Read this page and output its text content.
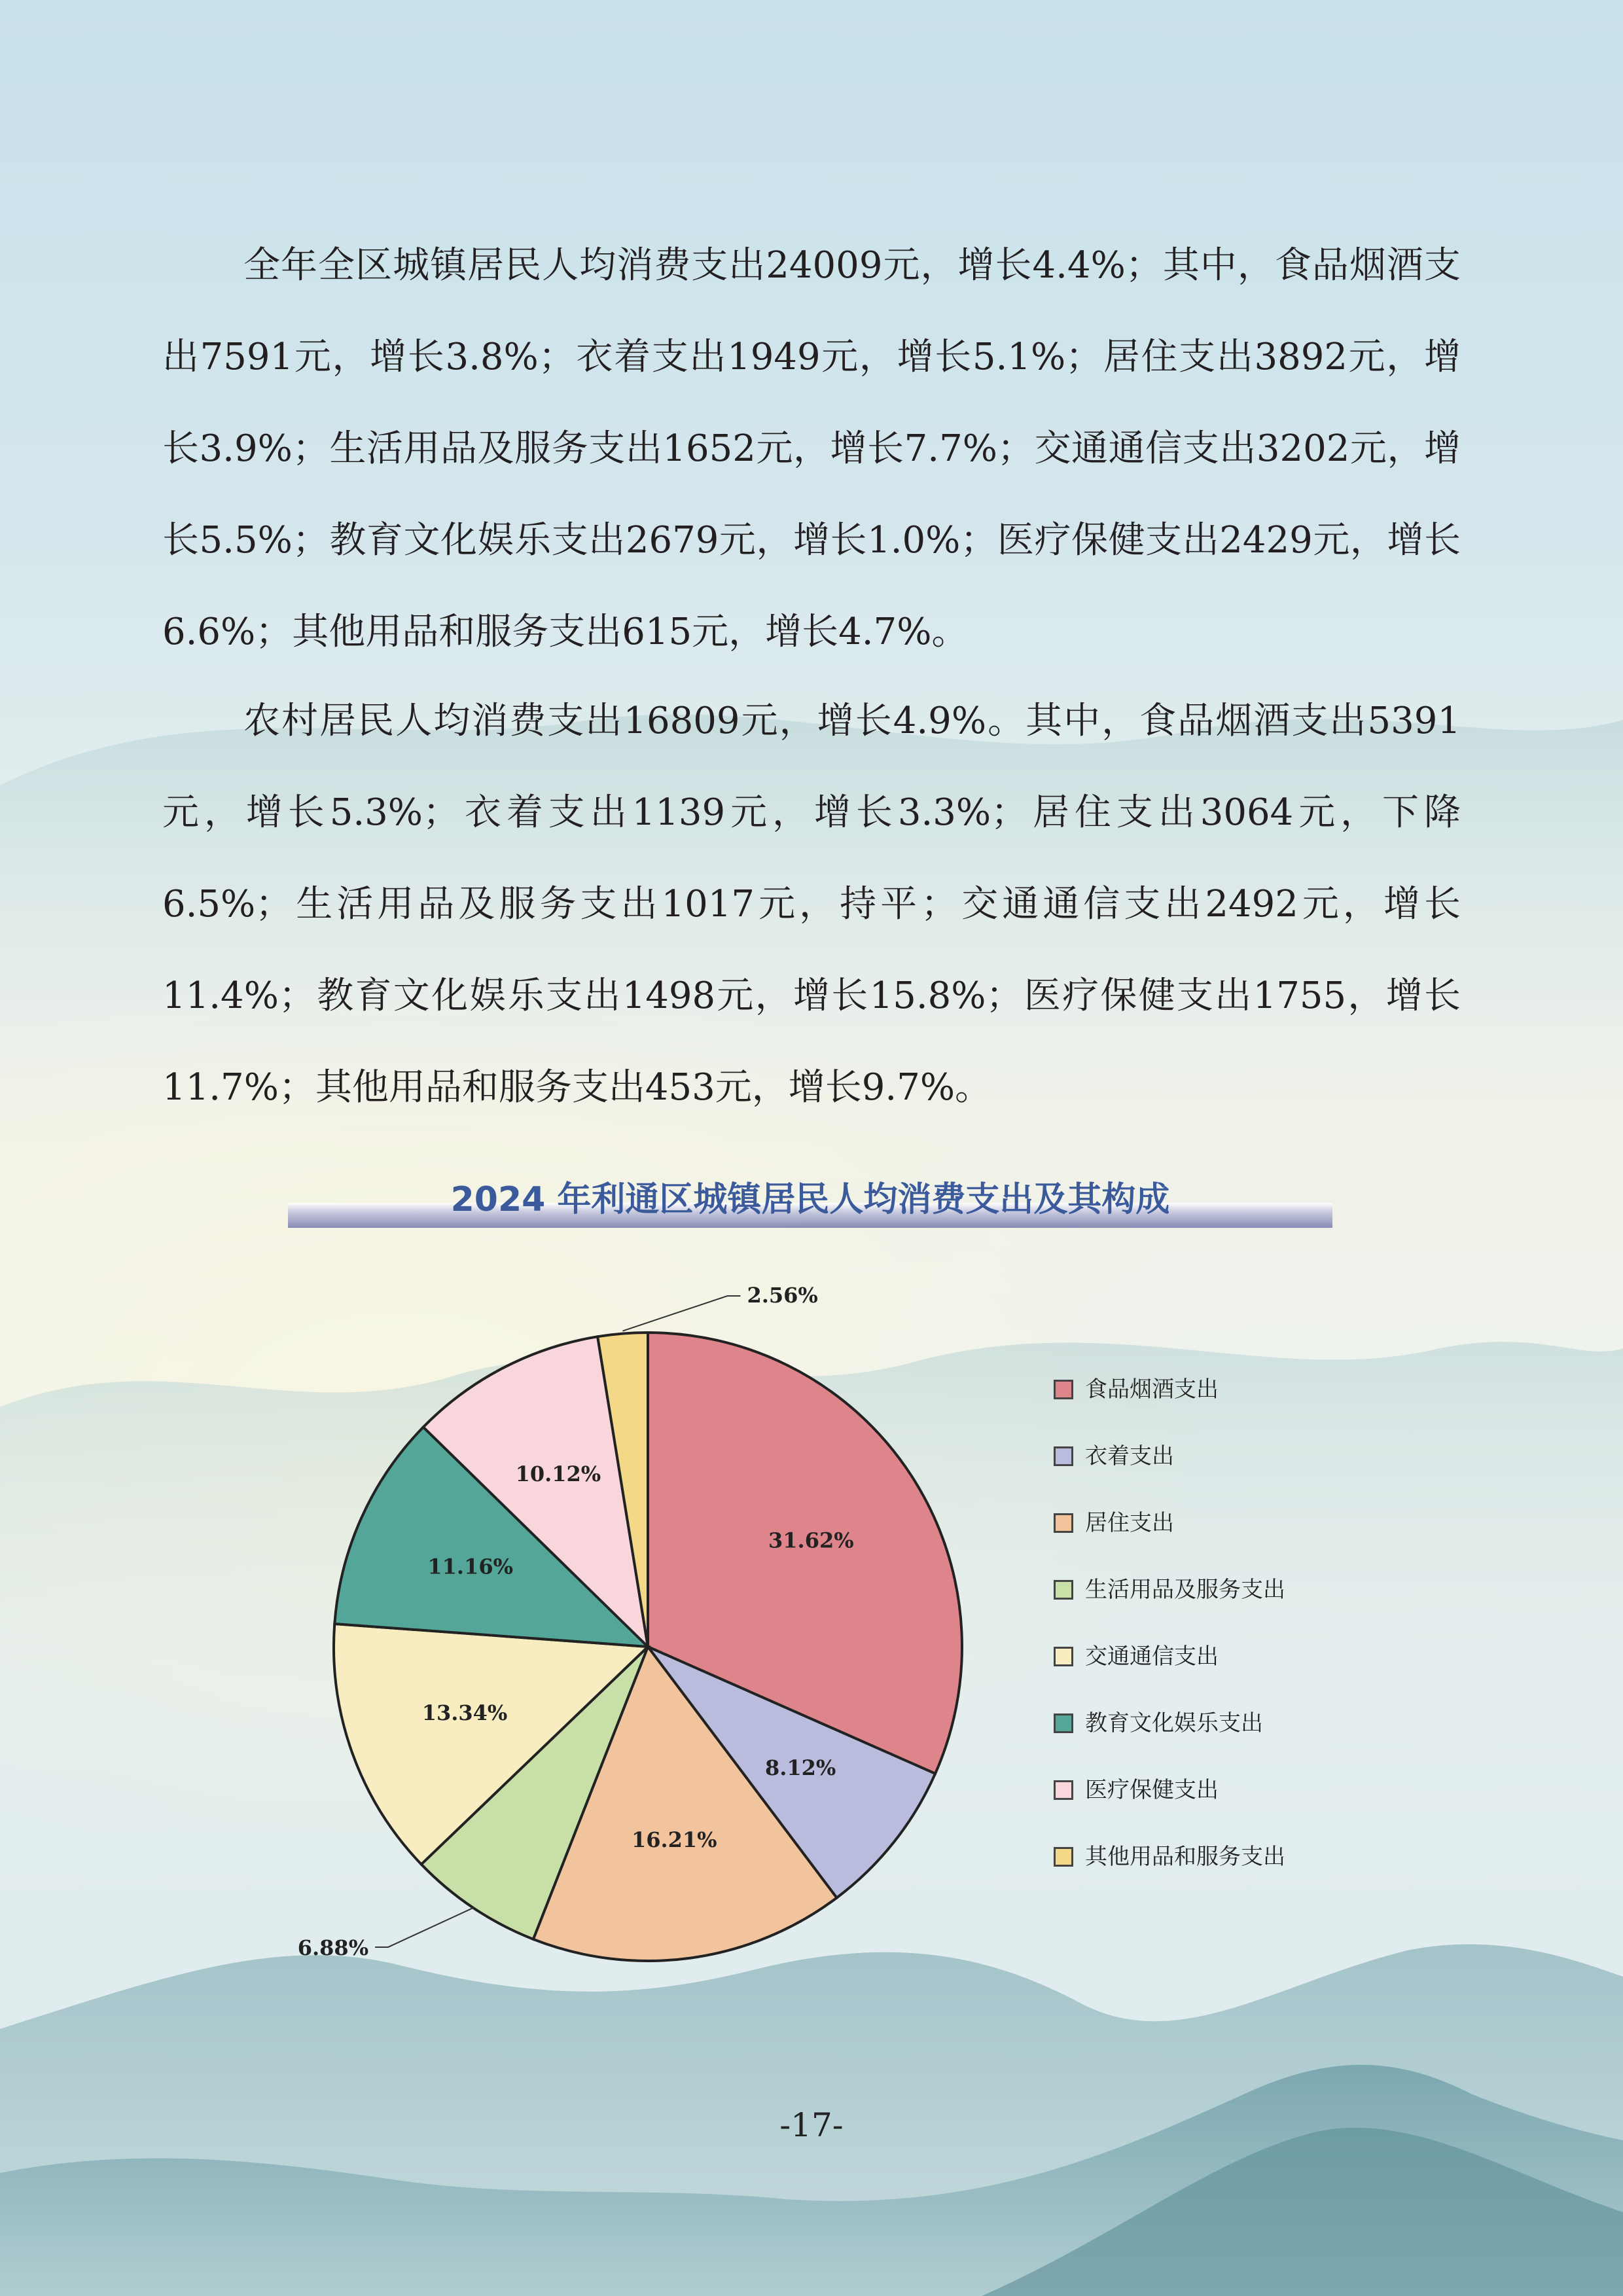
全年全区城镇居民人均消费支出24009元，增长4.4%；其中，食品烟酒支出7591元，增长3.8%；衣着支出1949元，增长5.1%；居住支出3892元，增长3.9%；生活用品及服务支出1652元，增长7.7%；交通通信支出3202元，增长5.5%；教育文化娱乐支出2679元，增长1.0%；医疗保健支出2429元，增长6.6%；其他用品和服务支出615元，增长4.7%。

农村居民人均消费支出16809元，增长4.9%。其中，食品烟酒支出5391元，增长5.3%；衣着支出1139元，增长3.3%；居住支出3064元，下降6.5%；生活用品及服务支出1017元，持平；交通通信支出2492元，增长11.4%；教育文化娱乐支出1498元，增长15.8%；医疗保健支出1755，增长11.7%；其他用品和服务支出453元，增长9.7%。

2024 年利通区城镇居民人均消费支出及其构成
31.62%
8.12%
16.21%
6.88%
13.34%
11.16%
10.12%
2.56%
食品烟酒支出
衣着支出
居住支出
生活用品及服务支出
交通通信支出
教育文化娱乐支出
医疗保健支出
其他用品和服务支出
-17-
